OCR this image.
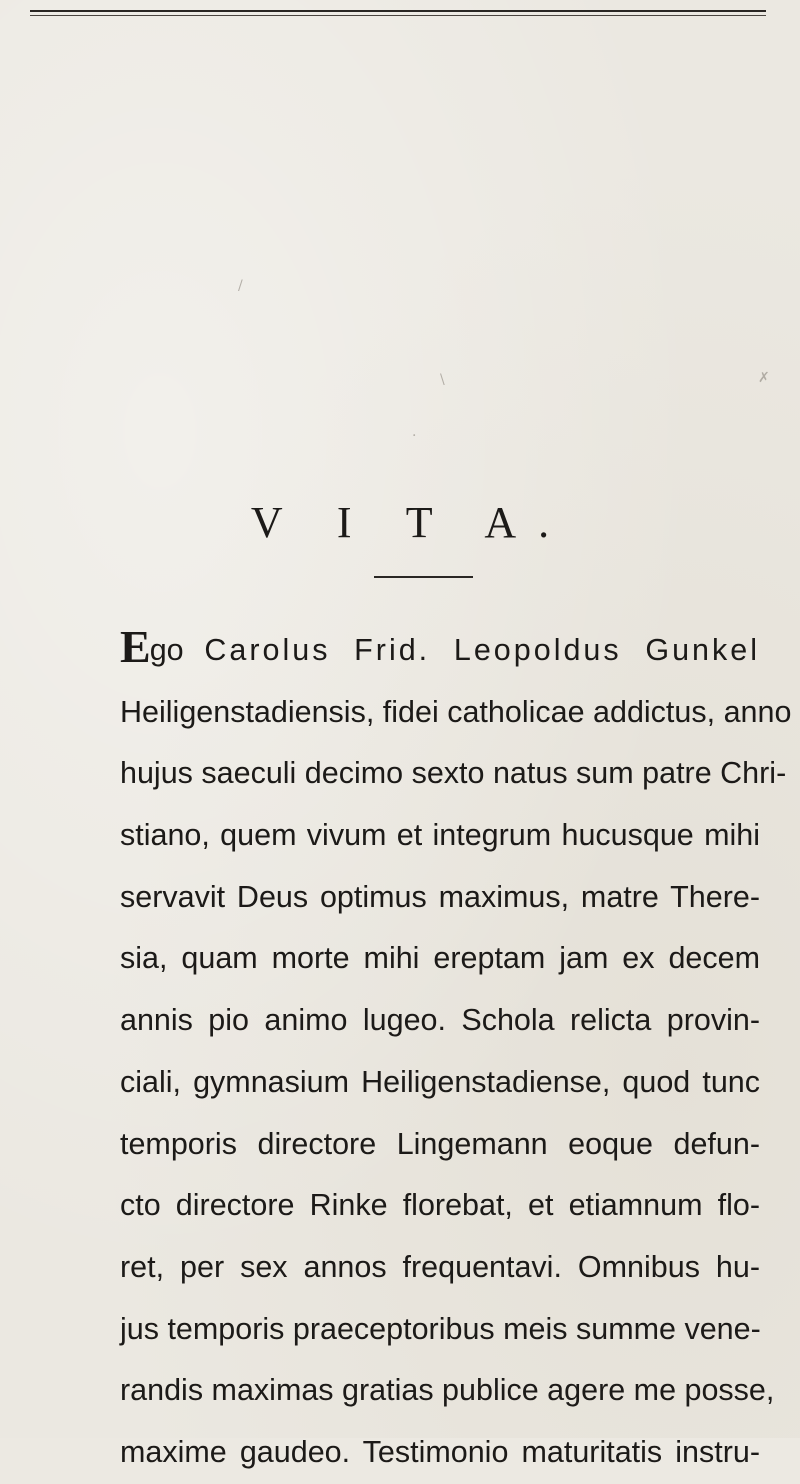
/
\	✗
·
V I T A.
Ego Carolus Frid. Leopoldus Gunkel
Heiligenstadiensis, fidei catholicae addictus, anno
hujus saeculi decimo sexto natus sum patre Chri-
stiano, quem vivum et integrum hucusque mihi
servavit Deus optimus maximus, matre There-
sia, quam morte mihi ereptam jam ex decem
annis pio animo lugeo. Schola relicta provin-
ciali, gymnasium Heiligenstadiense, quod tunc
temporis directore Lingemann eoque defun-
cto directore Rinke florebat, et etiamnum flo-
ret, per sex annos frequentavi. Omnibus hu-
jus temporis praeceptoribus meis summe vene-
randis maximas gratias publice agere me posse,
maxime gaudeo. Testimonio maturitatis instru-
